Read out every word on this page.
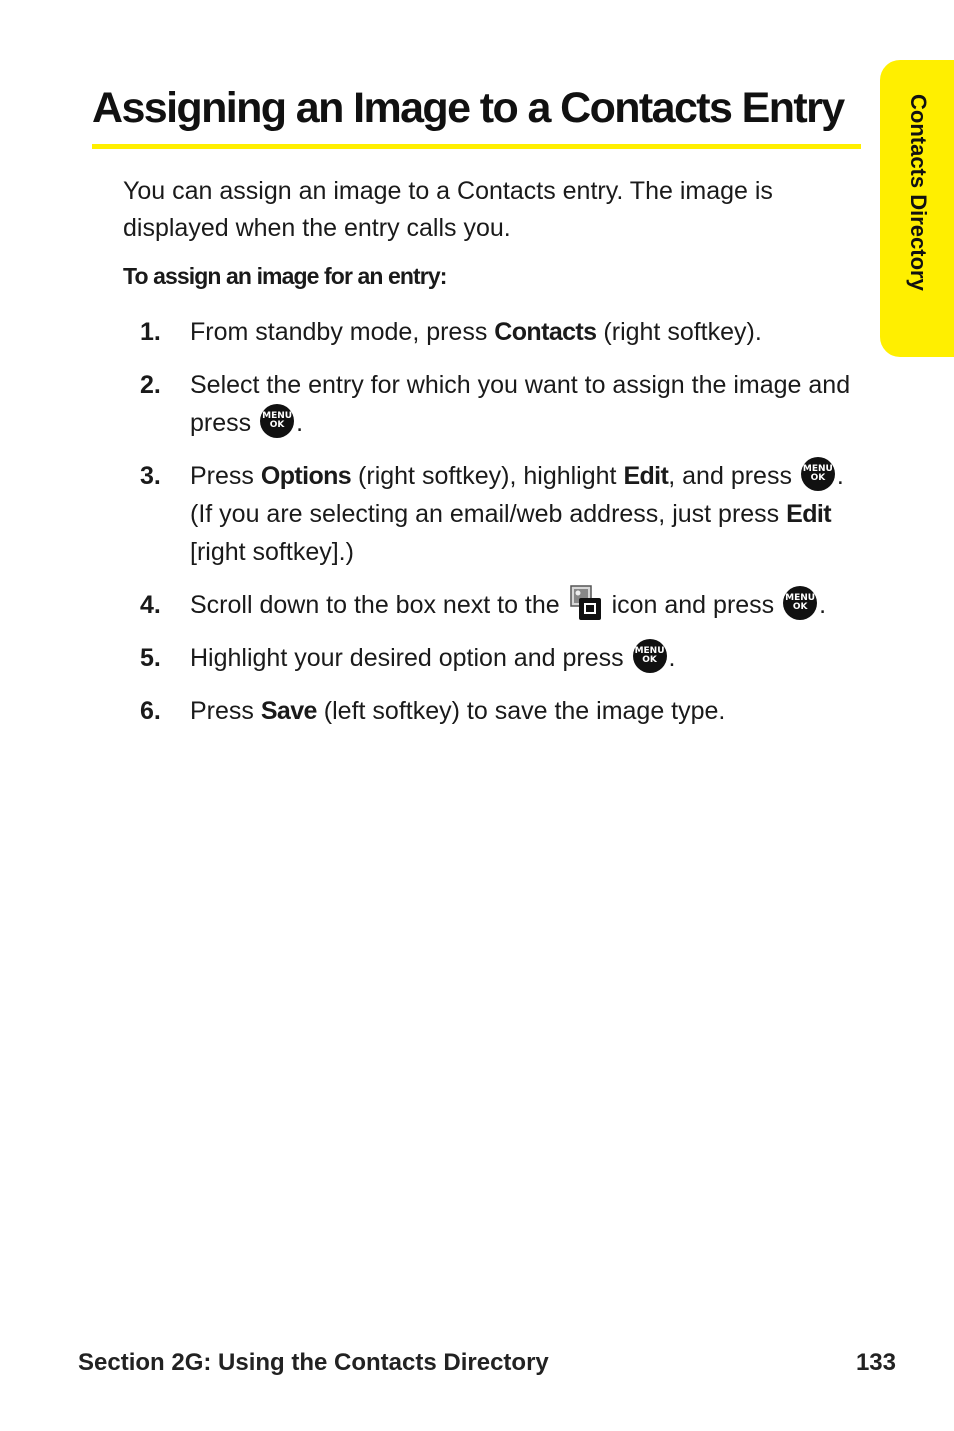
Assigning an Image to a Contacts Entry	Contacts Directory

You can assign an image to a Contacts entry. The image is displayed when the entry calls you.

To assign an image for an entry:

1. From standby mode, press Contacts (right softkey).
2. Select the entry for which you want to assign the image and press MENU
OK .
3. Press Options (right softkey), highlight Edit, and press MENU
OK . (If you are selecting an email/web address, just press Edit [right softkey].)
4. Scroll down to the box next to the  icon and press MENU
OK .
5. Highlight your desired option and press MENU
OK .
6. Press Save (left softkey) to save the image type.

Section 2G: Using the Contacts Directory	133
